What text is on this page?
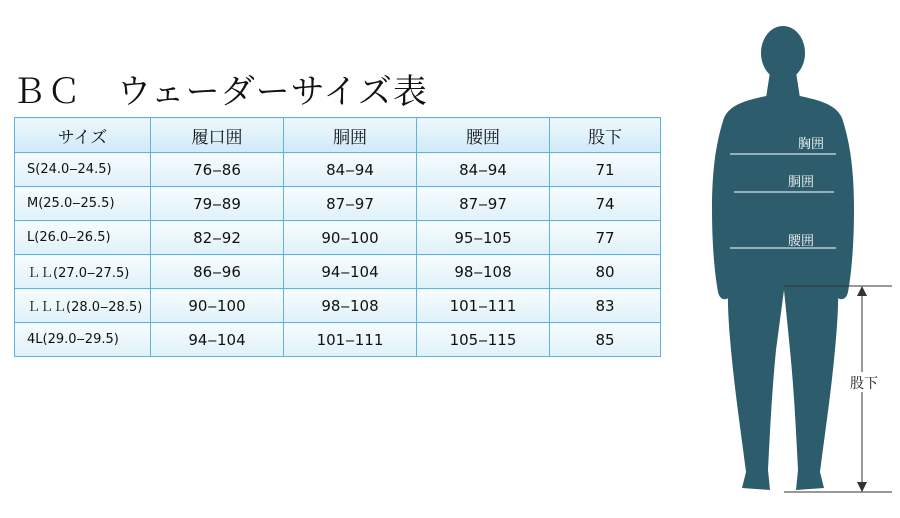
ＢＣ　ウェーダーサイズ表
サイズ	履口囲	胴囲	腰囲	股下
S(24.0‒24.5)	76‒86	84‒94	84‒94	71
M(25.0‒25.5)	79‒89	87‒97	87‒97	74
L(26.0‒26.5)	82‒92	90‒100	95‒105	77
ＬＬ(27.0‒27.5)	86‒96	94‒104	98‒108	80
ＬＬＬ(28.0‒28.5)	90‒100	98‒108	101‒111	83
4L(29.0‒29.5)	94‒104	101‒111	105‒115	85
胸囲
胴囲
腰囲
股下
